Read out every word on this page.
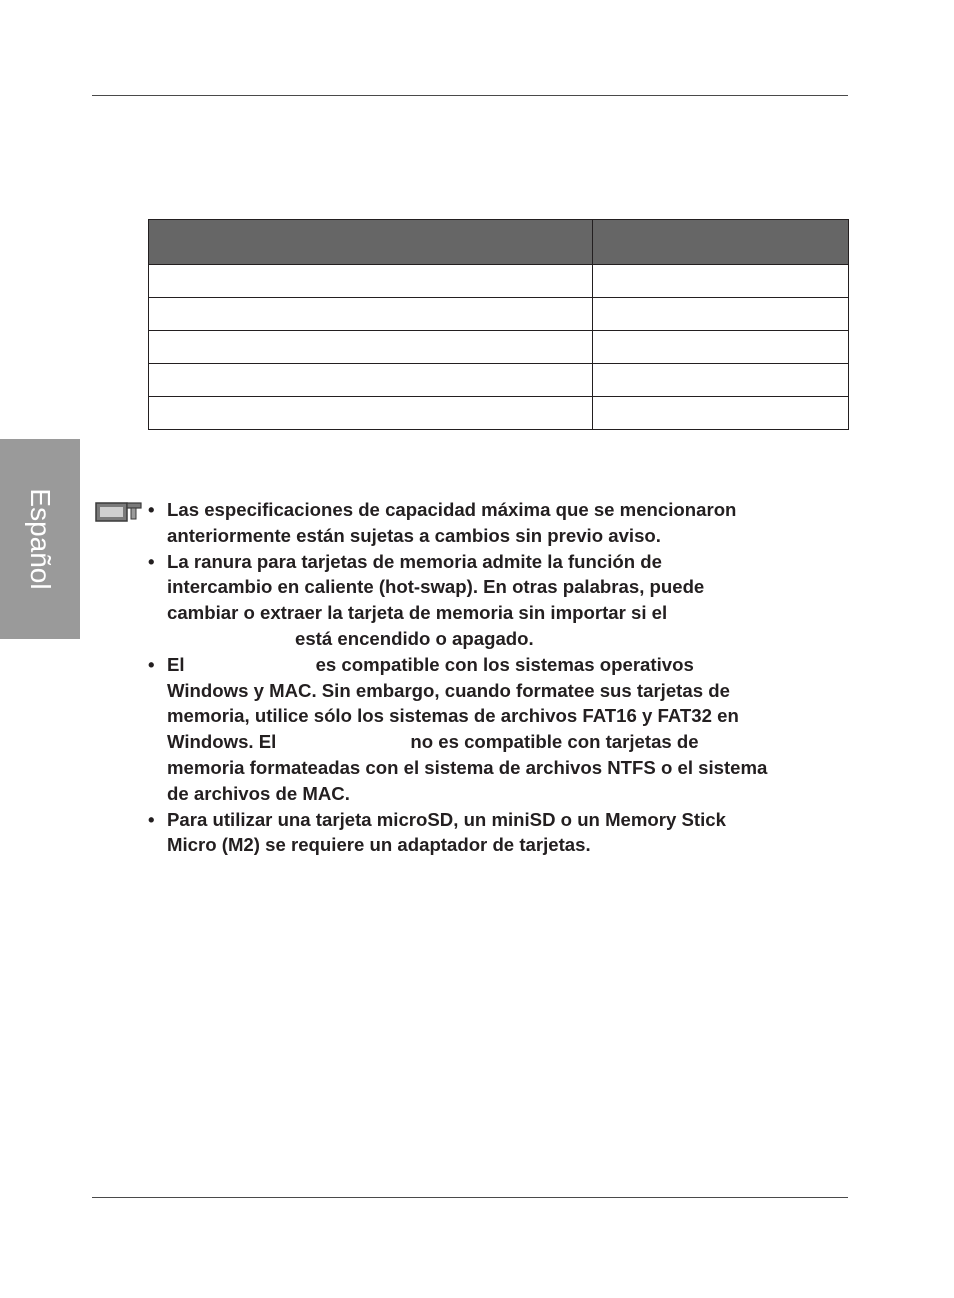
Español

		• Las especificaciones de capacidad máxima que se mencionaron
anteriormente están sujetas a cambios sin previo aviso.
• La ranura para tarjetas de memoria admite la función de
intercambio en caliente (hot-swap). En otras palabras, puede
cambiar o extraer la tarjeta de memoria sin importar si el
está encendido o apagado.
• El	es compatible con los sistemas operativos
Windows y MAC. Sin embargo, cuando formatee sus tarjetas de
memoria, utilice sólo los sistemas de archivos FAT16 y FAT32 en
Windows. El	no es compatible con tarjetas de
memoria formateadas con el sistema de archivos NTFS o el sistema
de archivos de MAC.
• Para utilizar una tarjeta microSD, un miniSD o un Memory Stick
Micro (M2) se requiere un adaptador de tarjetas.
